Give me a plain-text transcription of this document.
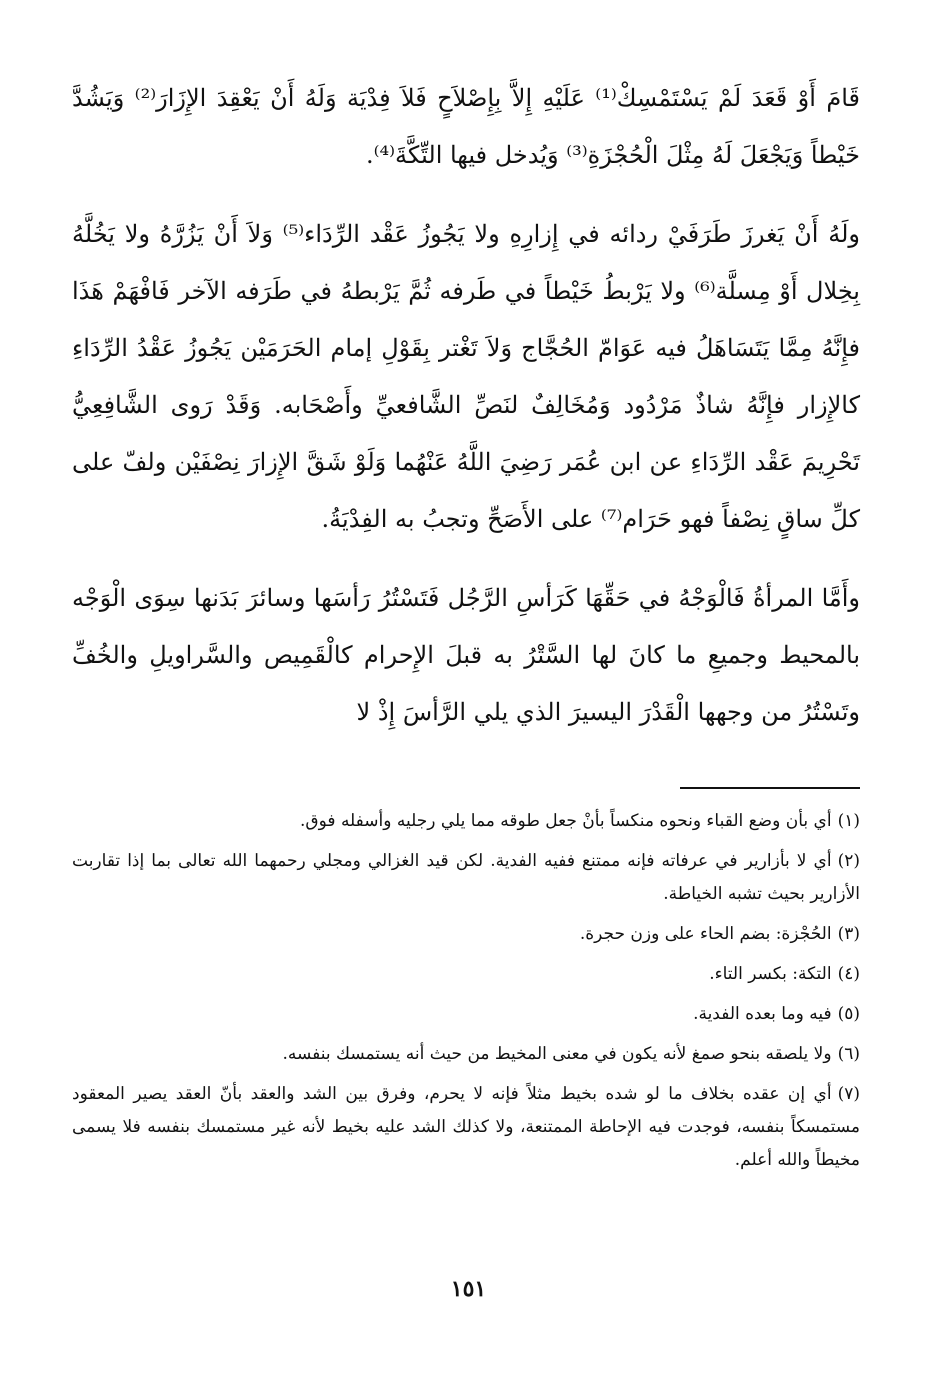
قَامَ أَوْ قَعَدَ لَمْ يَسْتَمْسِكْ⁽¹⁾ عَلَيْهِ إِلاَّ بِإِصْلاَحٍ فَلاَ فِدْيَة وَلَهُ أَنْ يَعْقِدَ الإِزَارَ⁽²⁾ وَيَشُدَّ خَيْطاً وَيَجْعَلَ لَهُ مِثْلَ الْحُجْزَةِ⁽³⁾ وَيُدخل فيها التِّكَّةَ⁽⁴⁾.

ولَهُ أَنْ يَغرزَ طَرَفَيْ ردائه في إِزارِهِ ولا يَجُوزُ عَقْد الرِّدَاء⁽⁵⁾ وَلاَ أَنْ يَزُرَّهُ ولا يَخُلَّهُ بِخِلال أَوْ مِسلَّة⁽⁶⁾ ولا يَرْبطُ خَيْطاً في طَرفه ثُمَّ يَرْبطهُ في طَرَفه الآخر فَافْهَمْ هَذَا فإِنَّهُ مِمَّا يَتَسَاهَلُ فيه عَوَامّ الحُجَّاج وَلاَ تَغْتر بِقَوْلِ إمام الحَرَمَيْن يَجُوزُ عَقْدُ الرِّدَاءِ كالإِزار فإِنَّهُ شاذٌ مَرْدُود وَمُخَالِفٌ لنَصِّ الشَّافعيِّ وأَصْحَابه. وَقَدْ رَوى الشَّافِعِيُّ تَحْرِيمَ عَقْد الرِّدَاءِ عن ابن عُمَر رَضِيَ اللَّهُ عَنْهُما وَلَوْ شَقَّ الإِزارَ نِصْفَيْن ولفّ على كلِّ ساقٍ نِصْفاً فهو حَرَام⁽⁷⁾ على الأَصَحِّ وتجبُ به الفِدْيَةُ.

وأَمَّا المرأةُ فَالْوَجْهُ في حَقِّهَا كَرَأسِ الرَّجُل فَتَسْتُرُ رَأسَها وسائرَ بَدَنها سِوَى الْوَجْه بالمحيط وجميعِ ما كانَ لها السَّتْرُ به قبلَ الإِحرام كالْقَمِيص والسَّراويلِ والخُفِّ وتَسْتُرُ من وجهها الْقَدْرَ اليسيرَ الذي يلي الرَّأسَ إِذْ لا

(١)أي بأن وضع القباء ونحوه منكساً بأنْ جعل طوقه مما يلي رجليه وأسفله فوق.

(٢)أي لا بأزارير في عرفاته فإنه ممتنع ففيه الفدية. لكن قيد الغزالي ومجلي رحمهما الله تعالى بما إذا تقاربت الأزارير بحيث تشبه الخياطة.

(٣)الحُجْزة: بضم الحاء على وزن حجرة.

(٤)التكة: بكسر التاء.

(٥)فيه وما بعده الفدية.

(٦)ولا يلصقه بنحو صمغ لأنه يكون في معنى المخيط من حيث أنه يستمسك بنفسه.

(٧)أي إن عقده بخلاف ما لو شده بخيط مثلاً فإنه لا يحرم، وفرق بين الشد والعقد بأنّ العقد يصير المعقود مستمسكاً بنفسه، فوجدت فيه الإحاطة الممتنعة، ولا كذلك الشد عليه بخيط لأنه غير مستمسك بنفسه فلا يسمى مخيطاً والله أعلم.

١٥١
